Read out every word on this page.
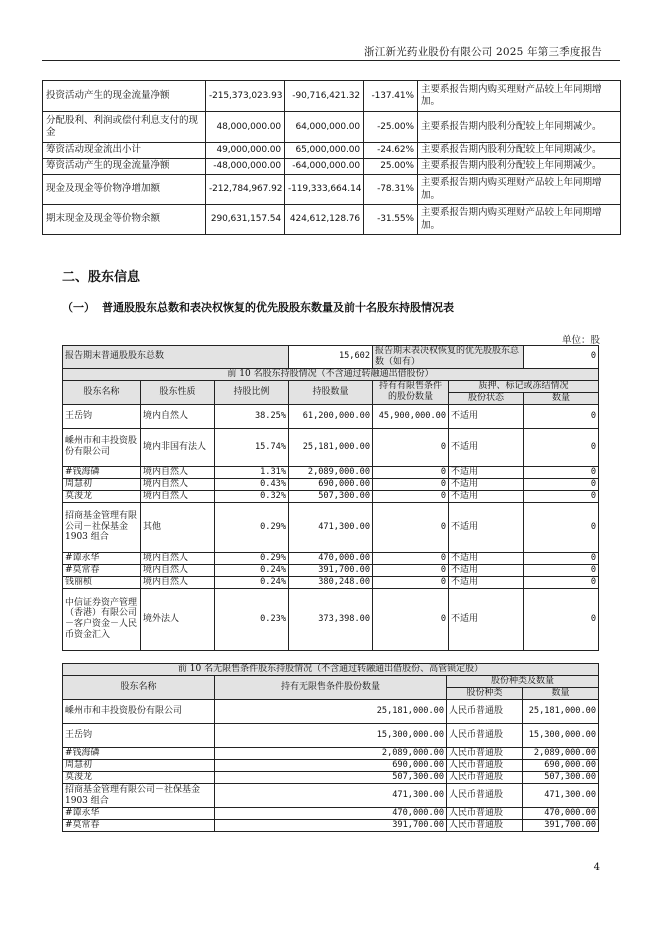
浙江新光药业股份有限公司 2025 年第三季度报告
投资活动产生的现金流量净额	-215,373,023.93	-90,716,421.32	-137.41%	主要系报告期内购买理财产品较上年同期增加。
分配股利、利润或偿付利息支付的现金	48,000,000.00	64,000,000.00	-25.00%	主要系报告期内股利分配较上年同期减少。
筹资活动现金流出小计	49,000,000.00	65,000,000.00	-24.62%	主要系报告期内股利分配较上年同期减少。
筹资活动产生的现金流量净额	-48,000,000.00	-64,000,000.00	25.00%	主要系报告期内股利分配较上年同期减少。
现金及现金等价物净增加额	-212,784,967.92	-119,333,664.14	-78.31%	主要系报告期内购买理财产品较上年同期增加。
期末现金及现金等价物余额	290,631,157.54	424,612,128.76	-31.55%	主要系报告期内购买理财产品较上年同期增加。
二、股东信息
（一） 普通股股东总数和表决权恢复的优先股股东数量及前十名股东持股情况表
单位：股
报告期末普通股股东总数			15,602	报告期末表决权恢复的优先股股东总数（如有）		0
前 10 名股东持股情况（不含通过转融通出借股份）						
股东名称	股东性质	持股比例	持股数量	持有有限售条件的股份数量	质押、标记或冻结情况	
					股份状态	数量
王岳钧	境内自然人	38.25%	61,200,000.00	45,900,000.00	不适用	0
嵊州市和丰投资股份有限公司	境内非国有法人	15.74%	25,181,000.00	0	不适用	0
#钱海磷	境内自然人	1.31%	2,089,000.00	0	不适用	0
周慧初	境内自然人	0.43%	690,000.00	0	不适用	0
莫浚龙	境内自然人	0.32%	507,300.00	0	不适用	0
招商基金管理有限公司－社保基金 1903 组合	其他	0.29%	471,300.00	0	不适用	0
#谭永华	境内自然人	0.29%	470,000.00	0	不适用	0
#莫常春	境内自然人	0.24%	391,700.00	0	不适用	0
钱丽桢	境内自然人	0.24%	380,248.00	0	不适用	0
中信证券资产管理（香港）有限公司－客户资金－人民币资金汇入	境外法人	0.23%	373,398.00	0	不适用	0
前 10 名无限售条件股东持股情况（不含通过转融通出借股份、高管锁定股）			
股东名称	持有无限售条件股份数量	股份种类及数量	
		股份种类	数量
嵊州市和丰投资股份有限公司	25,181,000.00	人民币普通股	25,181,000.00
王岳钧	15,300,000.00	人民币普通股	15,300,000.00
#钱海磷	2,089,000.00	人民币普通股	2,089,000.00
周慧初	690,000.00	人民币普通股	690,000.00
莫浚龙	507,300.00	人民币普通股	507,300.00
招商基金管理有限公司－社保基金 1903 组合	471,300.00	人民币普通股	471,300.00
#谭永华	470,000.00	人民币普通股	470,000.00
#莫常春	391,700.00	人民币普通股	391,700.00
4
